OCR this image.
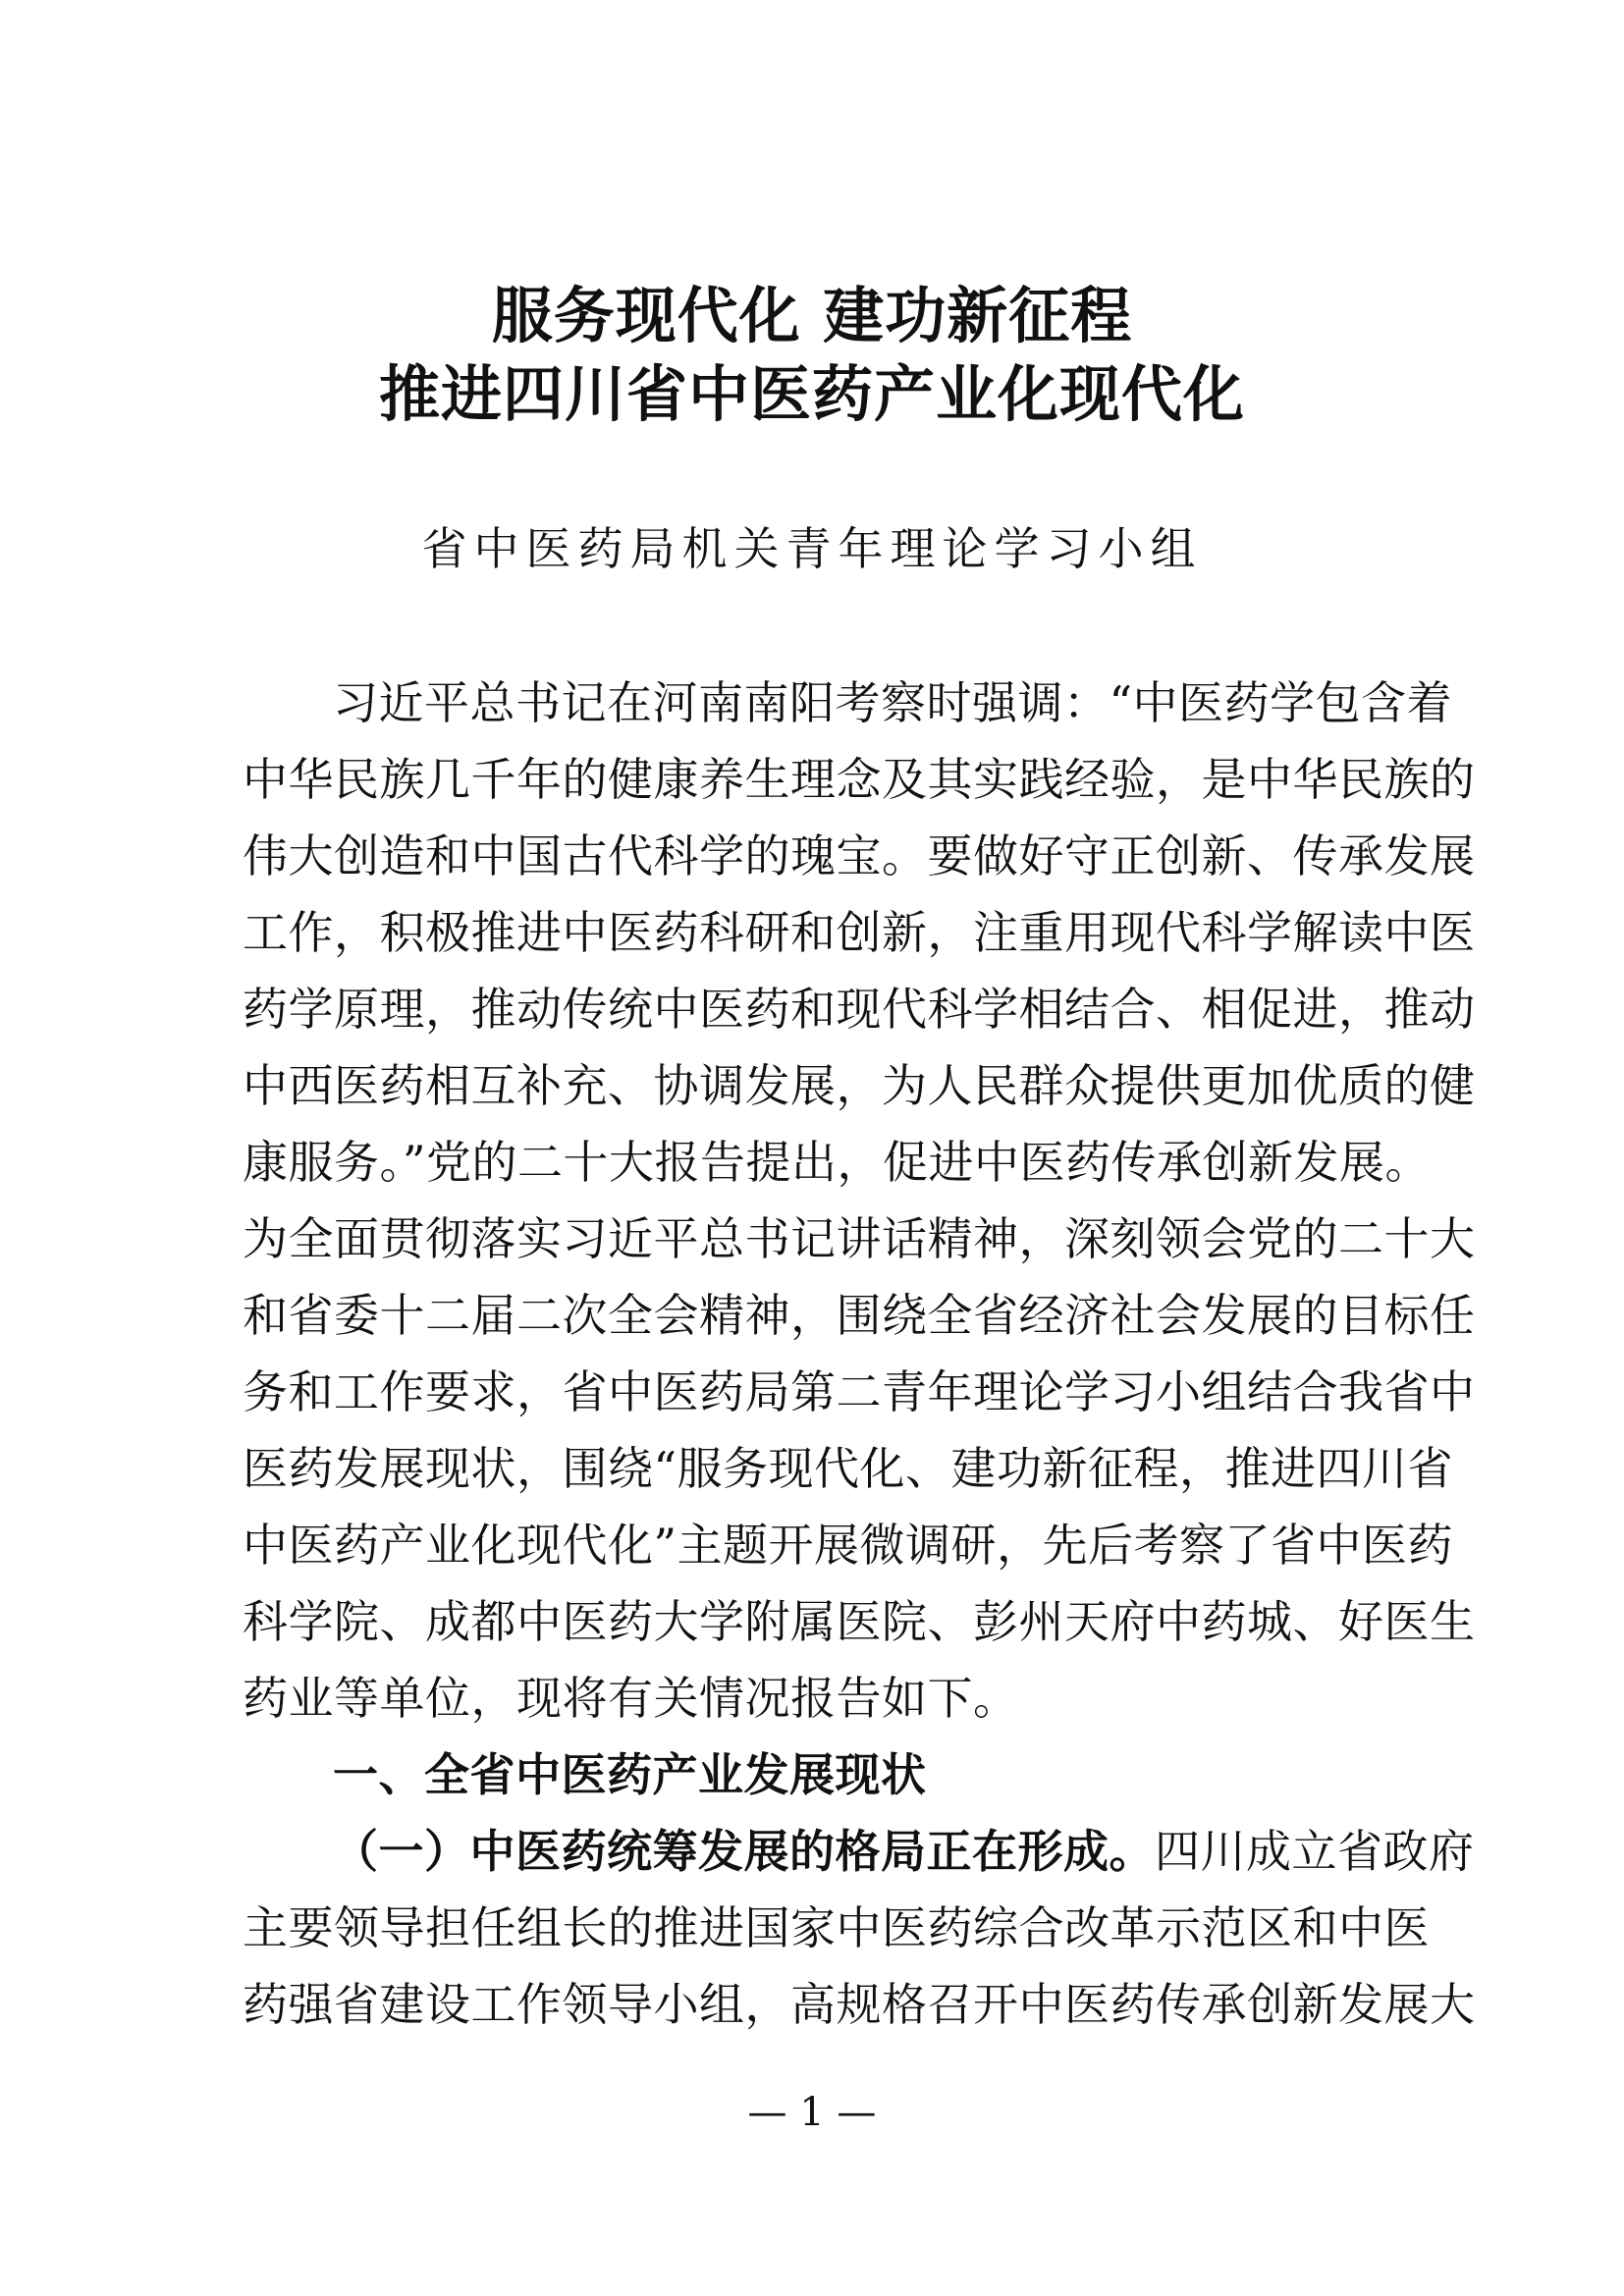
服务现代化 建功新征程
推进四川省中医药产业化现代化
省中医药局机关青年理论学习小组
习近平总书记在河南南阳考察时强调：“中医药学包含着
中华民族几千年的健康养生理念及其实践经验，是中华民族的
伟大创造和中国古代科学的瑰宝。要做好守正创新、传承发展
工作，积极推进中医药科研和创新，注重用现代科学解读中医
药学原理，推动传统中医药和现代科学相结合、相促进，推动
中西医药相互补充、协调发展，为人民群众提供更加优质的健
康服务。”党的二十大报告提出，促进中医药传承创新发展。
为全面贯彻落实习近平总书记讲话精神，深刻领会党的二十大
和省委十二届二次全会精神，围绕全省经济社会发展的目标任
务和工作要求，省中医药局第二青年理论学习小组结合我省中
医药发展现状，围绕“服务现代化、建功新征程，推进四川省
中医药产业化现代化”主题开展微调研，先后考察了省中医药
科学院、成都中医药大学附属医院、彭州天府中药城、好医生
药业等单位，现将有关情况报告如下。
一、全省中医药产业发展现状
（一）中医药统筹发展的格局正在形成。四川成立省政府
主要领导担任组长的推进国家中医药综合改革示范区和中医
药强省建设工作领导小组，高规格召开中医药传承创新发展大
— 1 —
